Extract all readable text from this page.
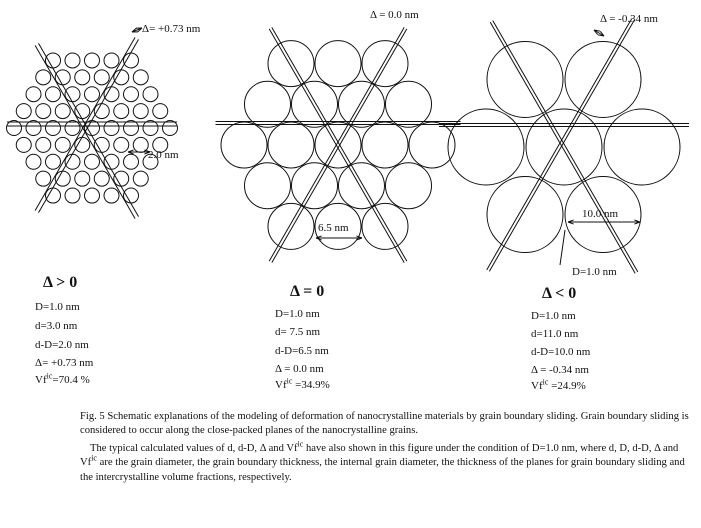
Δ= +0.73 nm
Δ = 0.0 nm	Δ = -0.34 nm
2.0 nm
6.5 nm
10.0 nm
D=1.0 nm
Δ > 0
D=1.0 nm
d=3.0 nm
d-D=2.0 nm
Δ= +0.73 nm
$Vf^{ic}=70.4$ %
Δ = 0
D=1.0 nm
d= 7.5 nm
d-D=6.5 nm
Δ = 0.0 nm
$Vf^{ic} =34.9\%$
Δ < 0
D=1.0 nm
d=11.0 nm
d-D=10.0 nm
Δ = -0.34 nm
$Vf^{ic} =24.9\%$

Fig. 5 Schematic explanations of the modeling of deformation of nanocrystalline materials by grain boundary sliding. Grain boundary sliding is considered to occur along the close-packed planes of the nanocrystalline grains.

The typical calculated values of d, d-D, Δ and $Vf^{ic}$ have also shown in this figure under the condition of D=1.0 nm, where d, D, d-D, Δ and $Vf^{ic}$ are the grain diameter, the grain boundary thickness, the internal grain diameter, the thickness of the planes for grain boundary sliding and the intercrystalline volume fractions, respectively.
